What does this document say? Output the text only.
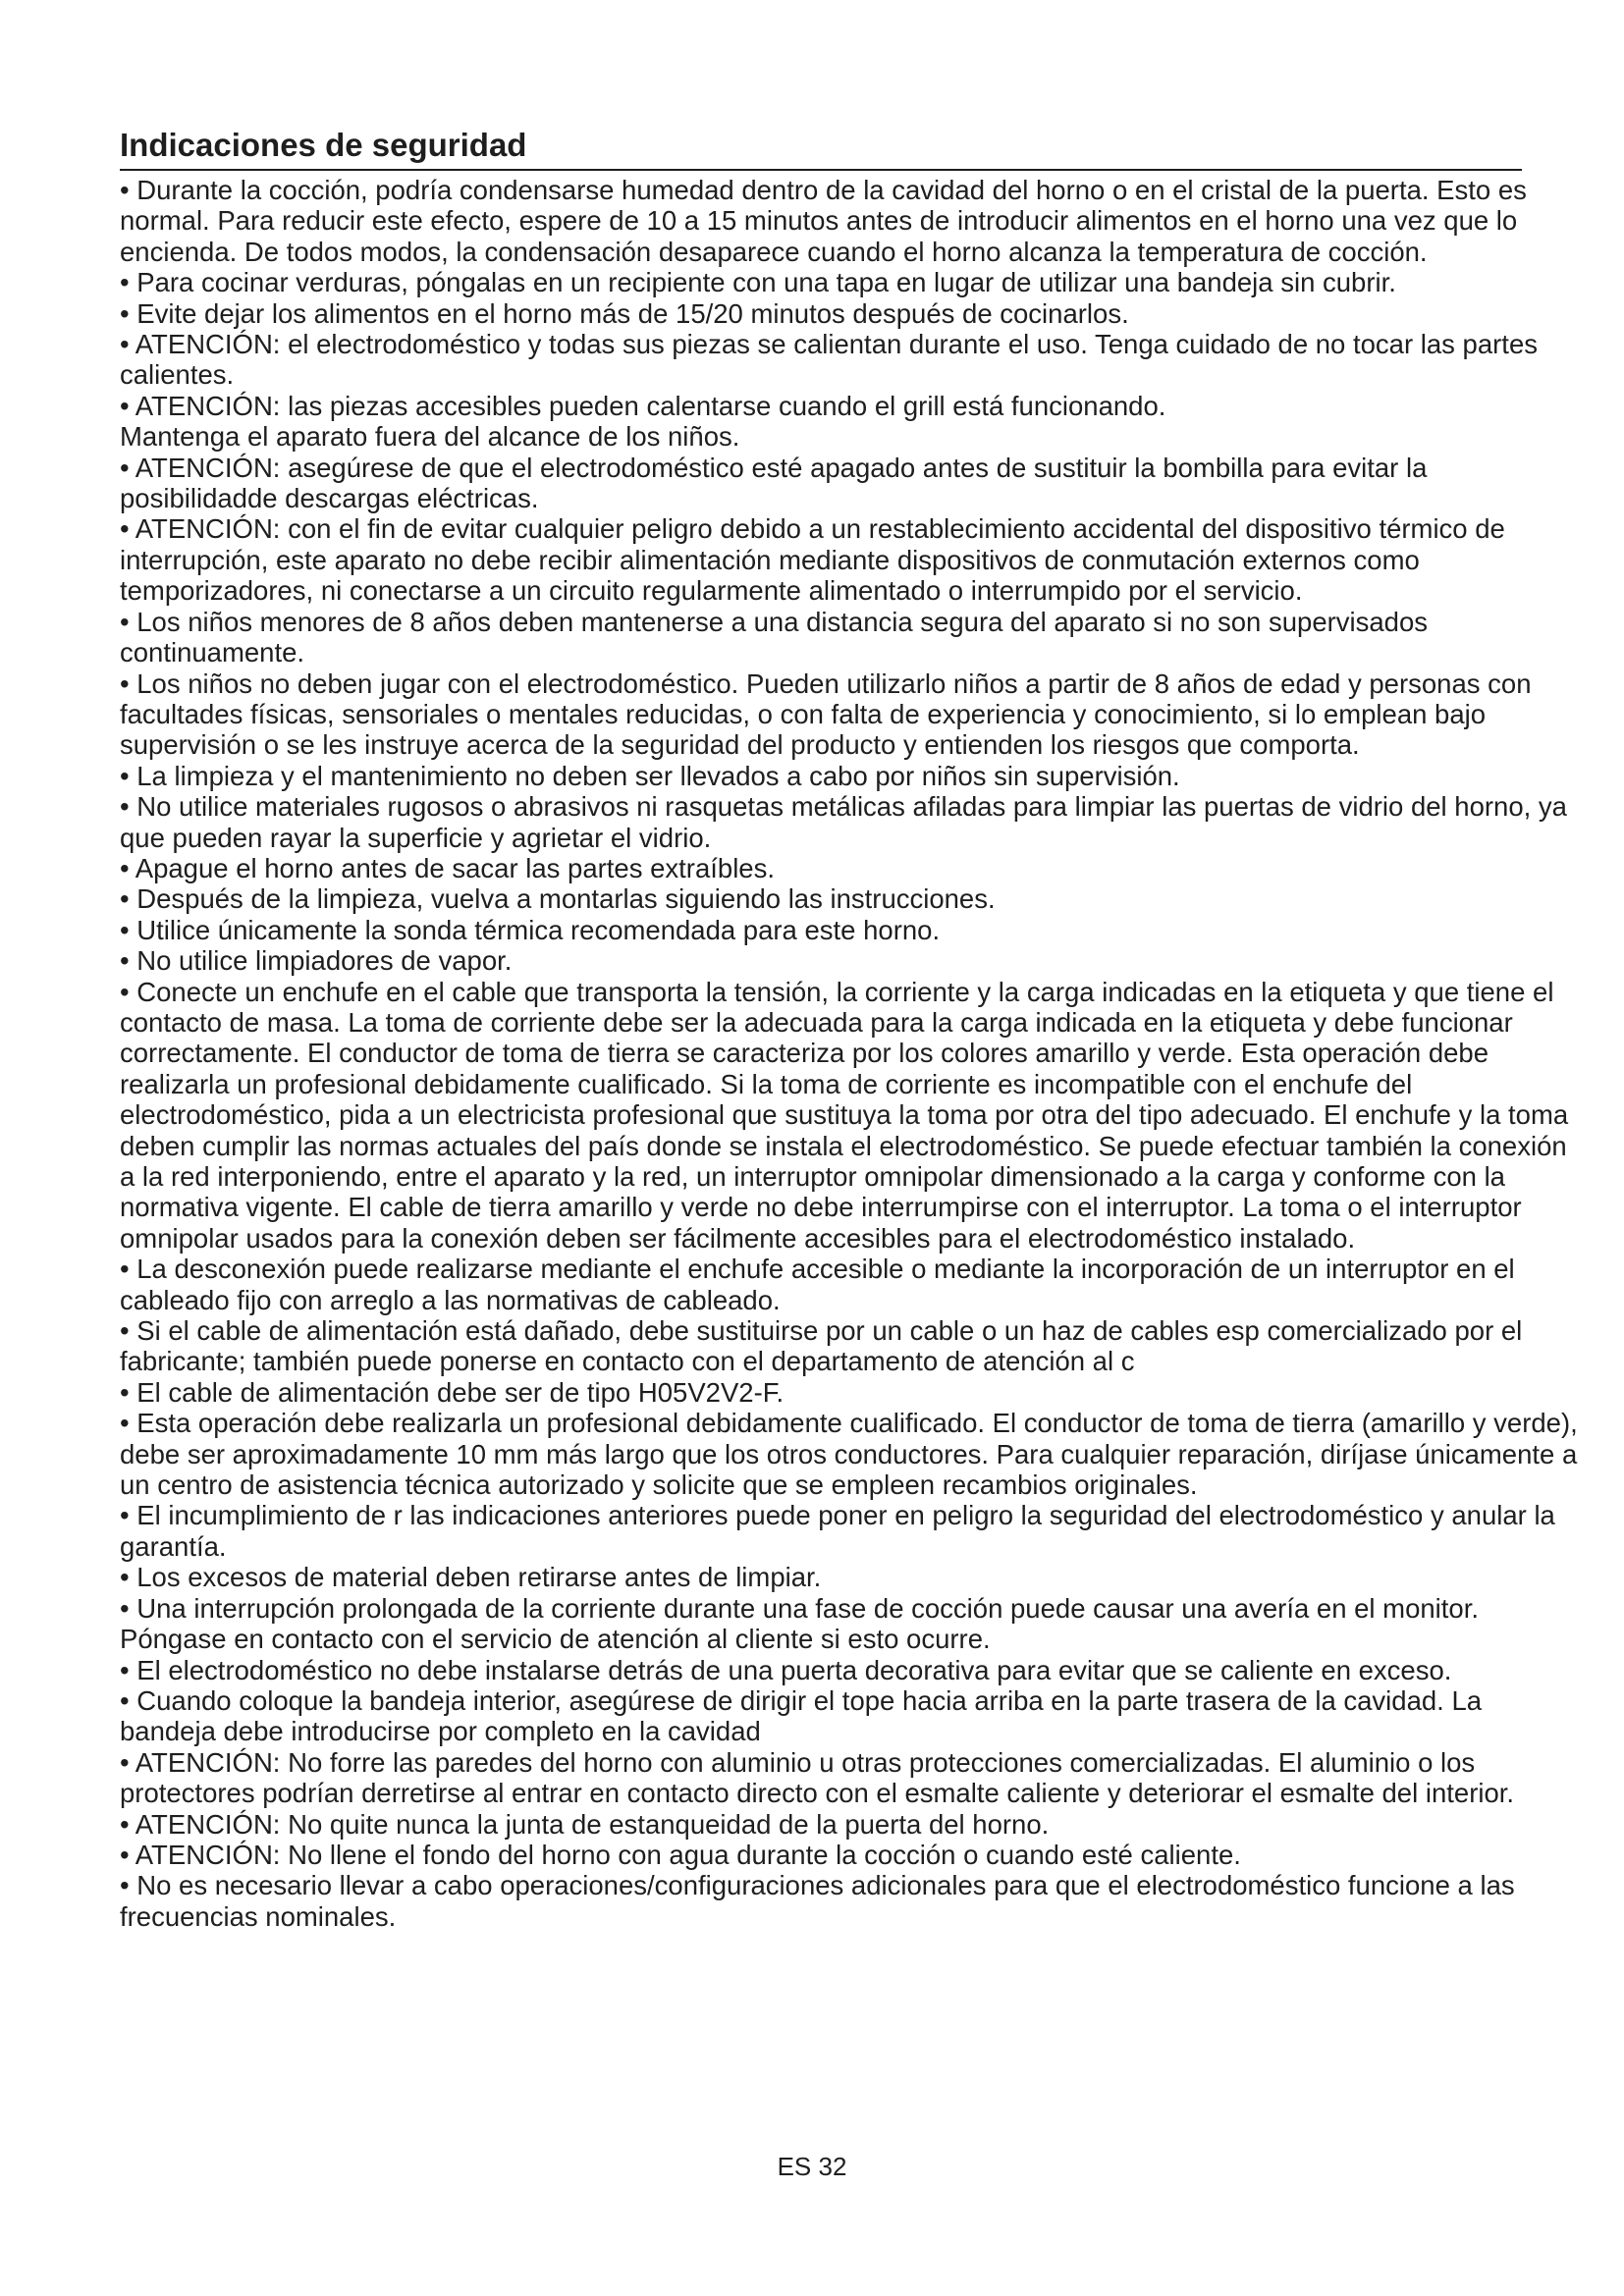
Indicaciones de seguridad

• Durante la cocción, podría condensarse humedad dentro de la cavidad del horno o en el cristal de la puerta. Esto es normal. Para reducir este efecto, espere de 10 a 15 minutos antes de introducir alimentos en el horno una vez que lo encienda. De todos modos, la condensación desaparece cuando el horno alcanza la temperatura de cocción.

• Para cocinar verduras, póngalas en un recipiente con una tapa en lugar de utilizar una bandeja sin cubrir.

• Evite dejar los alimentos en el horno más de 15/20 minutos después de cocinarlos.

• ATENCIÓN: el electrodoméstico y todas sus piezas se calientan durante el uso. Tenga cuidado de no tocar las partes calientes.

• ATENCIÓN: las piezas accesibles pueden calentarse cuando el grill está funcionando.

Mantenga el aparato fuera del alcance de los niños.

• ATENCIÓN: asegúrese de que el electrodoméstico esté apagado antes de sustituir la bombilla para evitar la posibilidadde descargas eléctricas.

• ATENCIÓN: con el fin de evitar cualquier peligro debido a un restablecimiento accidental del dispositivo térmico de interrupción, este aparato no debe recibir alimentación mediante dispositivos de conmutación externos como temporizadores, ni conectarse a un circuito regularmente alimentado o interrumpido por el servicio.

• Los niños menores de 8 años deben mantenerse a una distancia segura del aparato si no son supervisados continuamente.

• Los niños no deben jugar con el electrodoméstico. Pueden utilizarlo niños a partir de 8 años de edad y personas con facultades físicas, sensoriales o mentales reducidas, o con falta de experiencia y conocimiento, si lo emplean bajo supervisión o se les instruye acerca de la seguridad del producto y entienden los riesgos que comporta.

• La limpieza y el mantenimiento no deben ser llevados a cabo por niños sin supervisión.

• No utilice materiales rugosos o abrasivos ni rasquetas metálicas afiladas para limpiar las puertas de vidrio del horno, ya que pueden rayar la superficie y agrietar el vidrio.

• Apague el horno antes de sacar las partes extraíbles.

• Después de la limpieza, vuelva a montarlas siguiendo las instrucciones.

• Utilice únicamente la sonda térmica recomendada para este horno.

• No utilice limpiadores de vapor.

• Conecte un enchufe en el cable que transporta la tensión, la corriente y la carga indicadas en la etiqueta y que tiene el contacto de masa. La toma de corriente debe ser la adecuada para la carga indicada en la etiqueta y debe funcionar correctamente. El conductor de toma de tierra se caracteriza por los colores amarillo y verde. Esta operación debe realizarla un profesional debidamente cualificado. Si la toma de corriente es incompatible con el enchufe del electrodoméstico, pida a un electricista profesional que sustituya la toma por otra del tipo adecuado. El enchufe y la toma deben cumplir las normas actuales del país donde se instala el electrodoméstico. Se puede efectuar también la conexión a la red interponiendo, entre el aparato y la red, un interruptor omnipolar dimensionado a la carga y conforme con la normativa vigente. El cable de tierra amarillo y verde no debe interrumpirse con el interruptor. La toma o el interruptor omnipolar usados para la conexión deben ser fácilmente accesibles para el electrodoméstico instalado.

• La desconexión puede realizarse mediante el enchufe accesible o mediante la incorporación de un interruptor en el cableado fijo con arreglo a las normativas de cableado.

• Si el cable de alimentación está dañado, debe sustituirse por un cable o un haz de cables esp comercializado por el fabricante; también puede ponerse en contacto con el departamento de atención al c

• El cable de alimentación debe ser de tipo H05V2V2-F.

• Esta operación debe realizarla un profesional debidamente cualificado. El conductor de toma de tierra (amarillo y verde), debe ser aproximadamente 10 mm más largo que los otros conductores. Para cualquier reparación, diríjase únicamente a un centro de asistencia técnica autorizado y solicite que se empleen recambios originales.

• El incumplimiento de r las indicaciones anteriores puede poner en peligro la seguridad del electrodoméstico y anular la garantía.

• Los excesos de material deben retirarse antes de limpiar.

• Una interrupción prolongada de la corriente durante una fase de cocción puede causar una avería en el monitor. Póngase en contacto con el servicio de atención al cliente si esto ocurre.

• El electrodoméstico no debe instalarse detrás de una puerta decorativa para evitar que se caliente en exceso.

• Cuando coloque la bandeja interior, asegúrese de dirigir el tope hacia arriba en la parte trasera de la cavidad. La bandeja debe introducirse por completo en la cavidad

• ATENCIÓN: No forre las paredes del horno con aluminio u otras protecciones comercializadas. El aluminio o los protectores podrían derretirse al entrar en contacto directo con el esmalte caliente y deteriorar el esmalte del interior.

• ATENCIÓN: No quite nunca la junta de estanqueidad de la puerta del horno.

• ATENCIÓN: No llene el fondo del horno con agua durante la cocción o cuando esté caliente.

• No es necesario llevar a cabo operaciones/configuraciones adicionales para que el electrodoméstico funcione a las frecuencias nominales.

ES 32
